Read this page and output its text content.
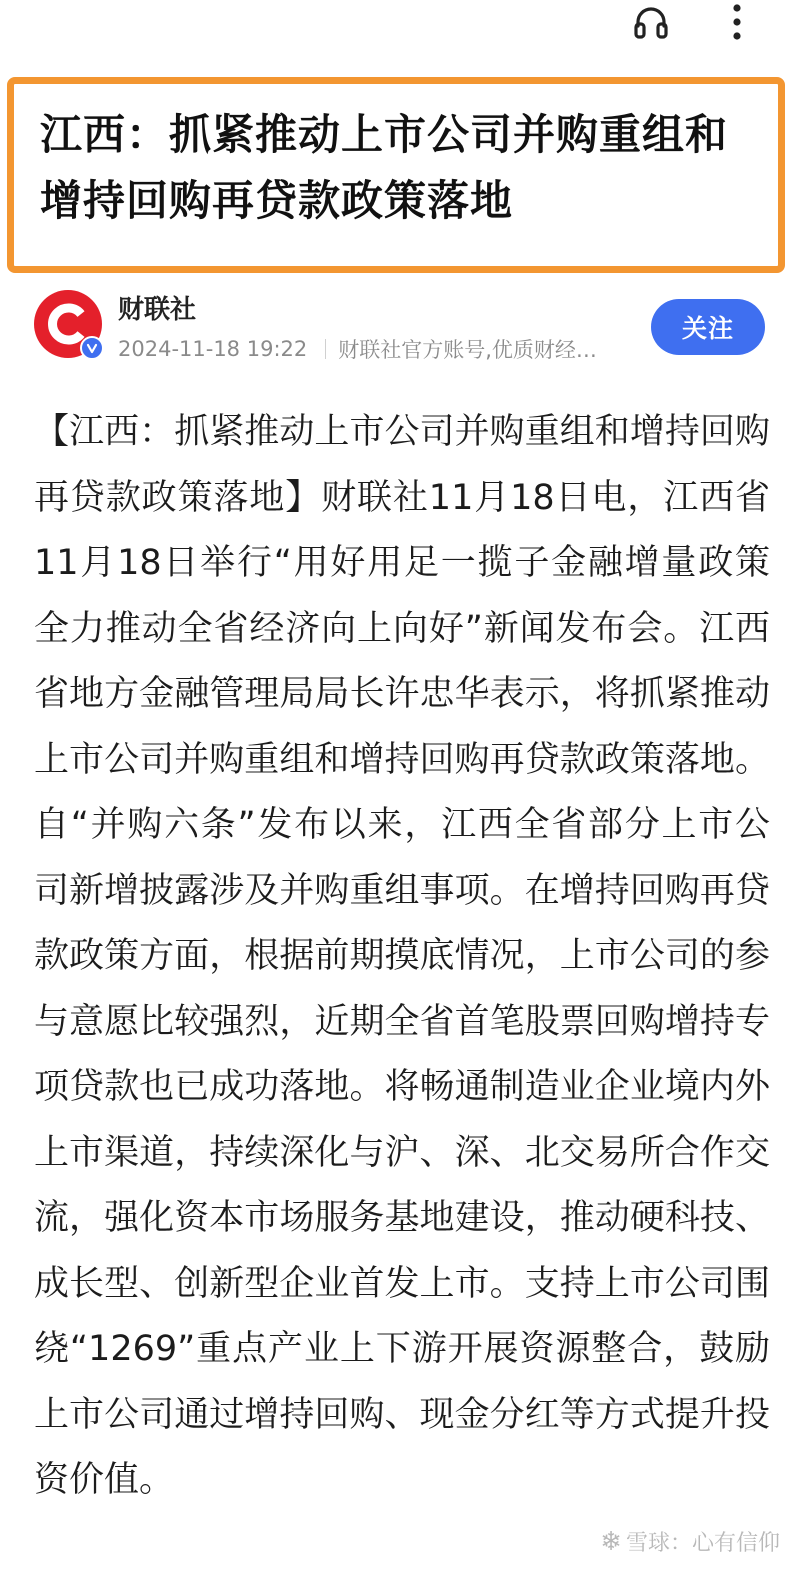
江西：抓紧推动上市公司并购重组和增持回购再贷款政策落地
财联社
2024-11-18 19:22 财联社官方账号,优质财经…
关注

【江西：抓紧推动上市公司并购重组和增持回购再贷款政策落地】财联社11月18日电，江西省11月18日举行“用好用足一揽子金融增量政策 全力推动全省经济向上向好”新闻发布会。江西省地方金融管理局局长许忠华表示，将抓紧推动上市公司并购重组和增持回购再贷款政策落地。自“并购六条”发布以来，江西全省部分上市公司新增披露涉及并购重组事项。在增持回购再贷款政策方面，根据前期摸底情况，上市公司的参与意愿比较强烈，近期全省首笔股票回购增持专项贷款也已成功落地。将畅通制造业企业境内外上市渠道，持续深化与沪、深、北交易所合作交流，强化资本市场服务基地建设，推动硬科技、成长型、创新型企业首发上市。支持上市公司围绕“1269”重点产业上下游开展资源整合，鼓励上市公司通过增持回购、现金分红等方式提升投资价值。

❄ 雪球：心有信仰
